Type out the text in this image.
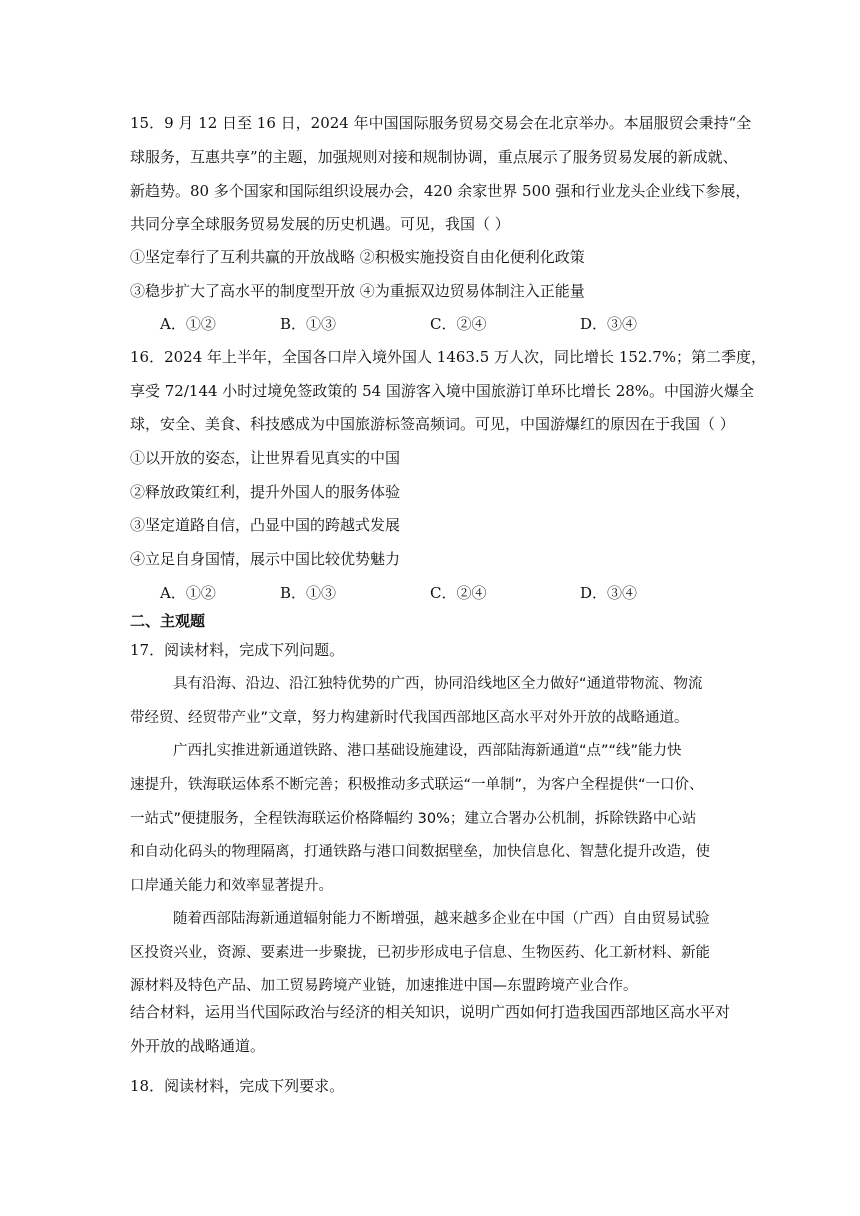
15．9 月 12 日至 16 日，2024 年中国国际服务贸易交易会在北京举办。本届服贸会秉持“全
球服务，互惠共享”的主题，加强规则对接和规制协调，重点展示了服务贸易发展的新成就、
新趋势。80 多个国家和国际组织设展办会，420 余家世界 500 强和行业龙头企业线下参展，
共同分享全球服务贸易发展的历史机遇。可见，我国（ ）
①坚定奉行了互利共赢的开放战略 ②积极实施投资自由化便利化政策
③稳步扩大了高水平的制度型开放 ④为重振双边贸易体制注入正能量
A．①②	B．①③	C．②④	D．③④
16．2024 年上半年，全国各口岸入境外国人 1463.5 万人次，同比增长 152.7%；第二季度，
享受 72/144 小时过境免签政策的 54 国游客入境中国旅游订单环比增长 28%。中国游火爆全
球，安全、美食、科技感成为中国旅游标签高频词。可见，中国游爆红的原因在于我国（ ）
①以开放的姿态，让世界看见真实的中国
②释放政策红利，提升外国人的服务体验
③坚定道路自信，凸显中国的跨越式发展
④立足自身国情，展示中国比较优势魅力
A．①②	B．①③	C．②④	D．③④
二、主观题
17．阅读材料，完成下列问题。
具有沿海、沿边、沿江独特优势的广西，协同沿线地区全力做好“通道带物流、物流
带经贸、经贸带产业”文章，努力构建新时代我国西部地区高水平对外开放的战略通道。
广西扎实推进新通道铁路、港口基础设施建设，西部陆海新通道“点”“线”能力快
速提升，铁海联运体系不断完善；积极推动多式联运“一单制”，为客户全程提供“一口价、
一站式”便捷服务，全程铁海联运价格降幅约 30%；建立合署办公机制，拆除铁路中心站
和自动化码头的物理隔离，打通铁路与港口间数据壁垒，加快信息化、智慧化提升改造，使
口岸通关能力和效率显著提升。
随着西部陆海新通道辐射能力不断增强，越来越多企业在中国（广西）自由贸易试验
区投资兴业，资源、要素进一步聚拢，已初步形成电子信息、生物医药、化工新材料、新能
源材料及特色产品、加工贸易跨境产业链，加速推进中国—东盟跨境产业合作。
结合材料，运用当代国际政治与经济的相关知识，说明广西如何打造我国西部地区高水平对
外开放的战略通道。
18．阅读材料，完成下列要求。
